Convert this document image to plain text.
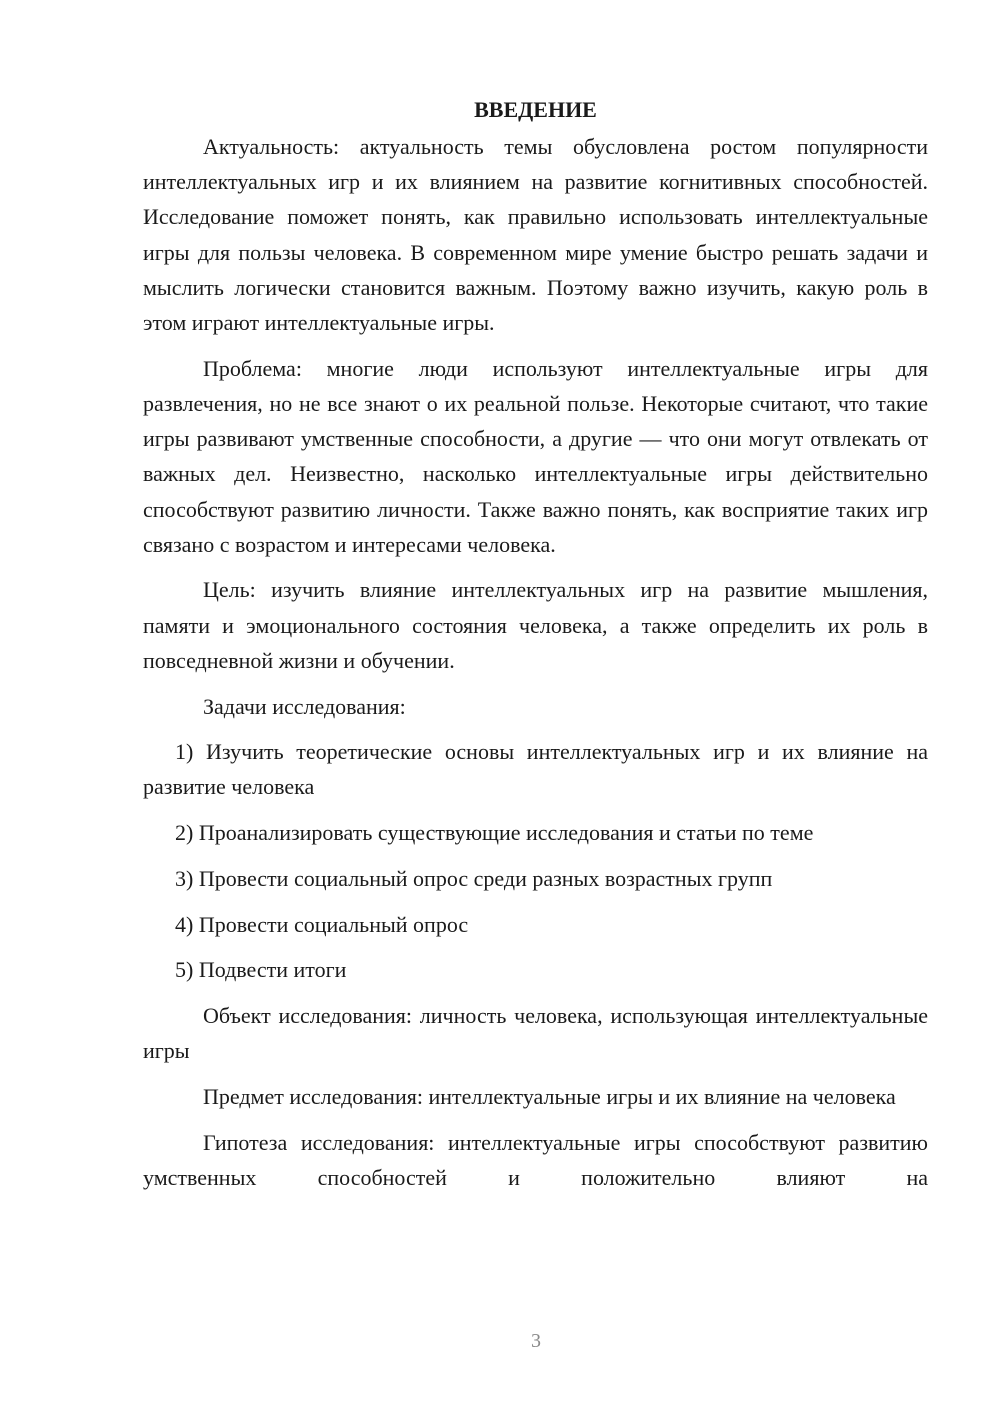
ВВЕДЕНИЕ

Актуальность: актуальность темы обусловлена ростом популярности интеллектуальных игр и их влиянием на развитие когнитивных способностей. Исследование поможет понять, как правильно использовать интеллектуальные игры для пользы человека. В современном мире умение быстро решать задачи и мыслить логически становится важным. Поэтому важно изучить, какую роль в этом играют интеллектуальные игры.

Проблема: многие люди используют интеллектуальные игры для развлечения, но не все знают о их реальной пользе. Некоторые считают, что такие игры развивают умственные способности, а другие — что они могут отвлекать от важных дел. Неизвестно, насколько интеллектуальные игры действительно способствуют развитию личности. Также важно понять, как восприятие таких игр связано с возрастом и интересами человека.

Цель: изучить влияние интеллектуальных игр на развитие мышления, памяти и эмоционального состояния человека, а также определить их роль в повседневной жизни и обучении.

Задачи исследования:

1) Изучить теоретические основы интеллектуальных игр и их влияние на развитие человека

2) Проанализировать существующие исследования и статьи по теме

3) Провести социальный опрос среди разных возрастных групп

4) Провести социальный опрос

5) Подвести итоги

Объект исследования: личность человека, использующая интеллектуальные игры

Предмет исследования: интеллектуальные игры и их влияние на человека

Гипотеза исследования: интеллектуальные игры способствуют развитию умственных способностей и положительно влияют на

3
